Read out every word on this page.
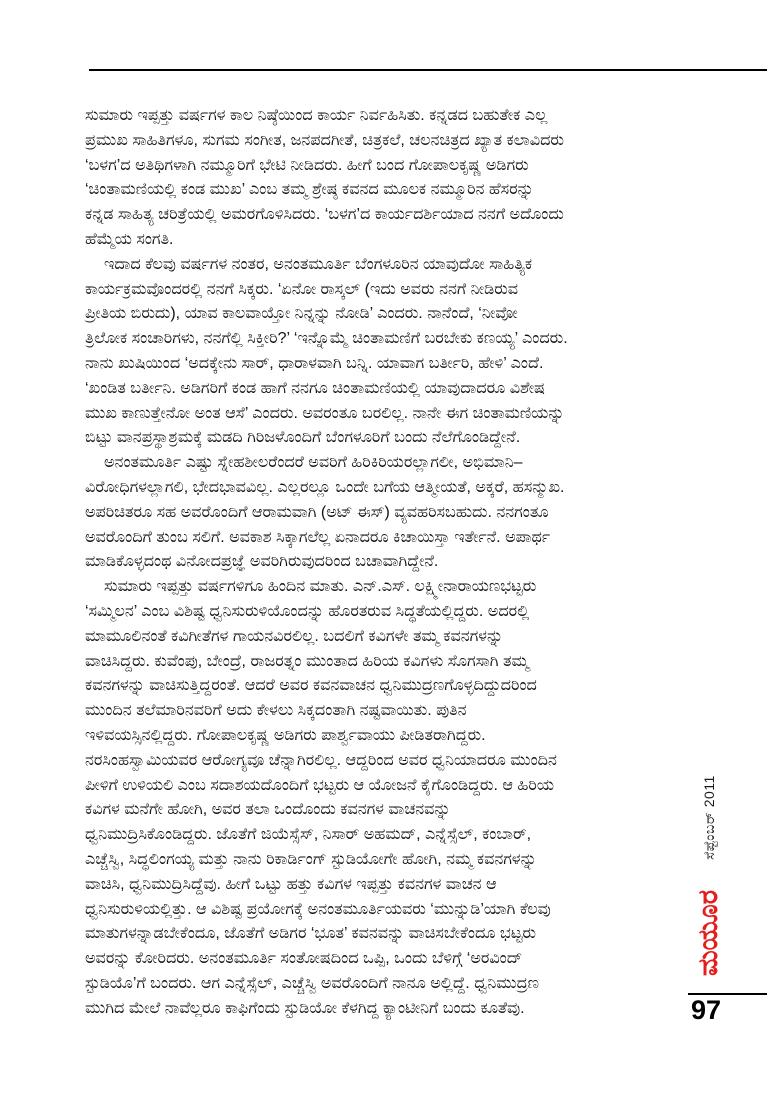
ಸುಮಾರು ಇಪ್ಪತ್ತು ವರ್ಷಗಳ ಕಾಲ ನಿಷ್ಠೆಯಿಂದ ಕಾರ್ಯ ನಿರ್ವಹಿಸಿತು. ಕನ್ನಡದ ಬಹುತೇಕ ಎಲ್ಲ
ಪ್ರಮುಖ ಸಾಹಿತಿಗಳೂ, ಸುಗಮ ಸಂಗೀತ, ಜನಪದಗೀತೆ, ಚಿತ್ರಕಲೆ, ಚಲನಚಿತ್ರದ ಖ್ಯಾತ ಕಲಾವಿದರು
‘ಬಳಗ’ದ ಅತಿಥಿಗಳಾಗಿ ನಮ್ಮೂರಿಗೆ ಭೇಟಿ ನೀಡಿದರು. ಹೀಗೆ ಬಂದ ಗೋಪಾಲಕೃಷ್ಣ ಅಡಿಗರು
‘ಚಿಂತಾಮಣಿಯಲ್ಲಿ ಕಂಡ ಮುಖ’ ಎಂಬ ತಮ್ಮ ಶ್ರೇಷ್ಠ ಕವನದ ಮೂಲಕ ನಮ್ಮೂರಿನ ಹೆಸರನ್ನು
ಕನ್ನಡ ಸಾಹಿತ್ಯ ಚರಿತ್ರೆಯಲ್ಲಿ ಅಮರಗೊಳಿಸಿದರು. ‘ಬಳಗ’ದ ಕಾರ್ಯದರ್ಶಿಯಾದ ನನಗೆ ಅದೊಂದು
ಹೆಮ್ಮೆಯ ಸಂಗತಿ.
ಇದಾದ ಕೆಲವು ವರ್ಷಗಳ ನಂತರ, ಅನಂತಮೂರ್ತಿ ಬೆಂಗಳೂರಿನ ಯಾವುದೋ ಸಾಹಿತ್ಯಿಕ
ಕಾರ್ಯಕ್ರಮವೊಂದರಲ್ಲಿ ನನಗೆ ಸಿಕ್ಕರು. ‘ಏನೋ ರಾಸ್ಕಲ್ (ಇದು ಅವರು ನನಗೆ ನೀಡಿರುವ
ಪ್ರೀತಿಯ ಬಿರುದು), ಯಾವ ಕಾಲವಾಯ್ತೋ ನಿನ್ನನ್ನು ನೋಡಿ’ ಎಂದರು. ನಾನೆಂದೆ, ‘ನೀವೋ
ತ್ರಿಲೋಕ ಸಂಚಾರಿಗಳು, ನನಗೆಲ್ಲಿ ಸಿಕ್ತೀರಿ?’ ‘ಇನ್ನೊಮ್ಮೆ ಚಿಂತಾಮಣಿಗೆ ಬರಬೇಕು ಕಣಯ್ಯ’ ಎಂದರು.
ನಾನು ಖುಷಿಯಿಂದ ‘ಅದಕ್ಕೇನು ಸಾರ್, ಧಾರಾಳವಾಗಿ ಬನ್ನಿ. ಯಾವಾಗ ಬರ್ತೀರಿ, ಹೇಳಿ’ ಎಂದೆ.
‘ಖಂಡಿತ ಬರ್ತೀನಿ. ಅಡಿಗರಿಗೆ ಕಂಡ ಹಾಗೆ ನನಗೂ ಚಿಂತಾಮಣಿಯಲ್ಲಿ ಯಾವುದಾದರೂ ವಿಶೇಷ
ಮುಖ ಕಾಣುತ್ತೇನೋ ಅಂತ ಆಸೆ’ ಎಂದರು. ಅವರಂತೂ ಬರಲಿಲ್ಲ. ನಾನೇ ಈಗ ಚಿಂತಾಮಣಿಯನ್ನು
ಬಿಟ್ಟು ವಾನಪ್ರಸ್ಥಾಶ್ರಮಕ್ಕೆ ಮಡದಿ ಗಿರಿಜಳೊಂದಿಗೆ ಬೆಂಗಳೂರಿಗೆ ಬಂದು ನೆಲೆಗೊಂಡಿದ್ದೇನೆ.
ಅನಂತಮೂರ್ತಿ ಎಷ್ಟು ಸ್ನೇಹಶೀಲರೆಂದರೆ ಅವರಿಗೆ ಹಿರಿಕಿರಿಯರಲ್ಲಾಗಲೀ, ಅಭಿಮಾನಿ–
ವಿರೋಧಿಗಳಲ್ಲಾಗಲಿ, ಭೇದಭಾವವಿಲ್ಲ. ಎಲ್ಲರಲ್ಲೂ ಒಂದೇ ಬಗೆಯ ಆತ್ಮೀಯತೆ, ಅಕ್ಕರೆ, ಹಸನ್ಮುಖ.
ಅಪರಿಚಿತರೂ ಸಹ ಅವರೊಂದಿಗೆ ಆರಾಮವಾಗಿ (ಅಟ್ ಈಸ್) ವ್ಯವಹರಿಸಬಹುದು. ನನಗಂತೂ
ಅವರೊಂದಿಗೆ ತುಂಬ ಸಲಿಗೆ. ಅವಕಾಶ ಸಿಕ್ಕಾಗಲೆಲ್ಲ ಏನಾದರೂ ಕಿಚಾಯಿಸ್ತಾ ಇರ್ತೇನೆ. ಅಪಾರ್ಥ
ಮಾಡಿಕೊಳ್ಳದಂಥ ವಿನೋದಪ್ರಜ್ಞೆ ಅವರಿಗಿರುವುದರಿಂದ ಬಚಾವಾಗಿದ್ದೇನೆ.
ಸುಮಾರು ಇಪ್ಪತ್ತು ವರ್ಷಗಳಿಗೂ ಹಿಂದಿನ ಮಾತು. ಎನ್.ಎಸ್. ಲಕ್ಷ್ಮೀನಾರಾಯಣಭಟ್ಟರು
‘ಸಮ್ಮಿಲನ’ ಎಂಬ ವಿಶಿಷ್ಟ ಧ್ವನಿಸುರುಳಿಯೊಂದನ್ನು ಹೊರತರುವ ಸಿದ್ಧತೆಯಲ್ಲಿದ್ದರು. ಅದರಲ್ಲಿ
ಮಾಮೂಲಿನಂತೆ ಕವಿಗೀತೆಗಳ ಗಾಯನವಿರಲಿಲ್ಲ. ಬದಲಿಗೆ ಕವಿಗಳೇ ತಮ್ಮ ಕವನಗಳನ್ನು
ವಾಚಿಸಿದ್ದರು. ಕುವೆಂಪು, ಬೇಂದ್ರೆ, ರಾಜರತ್ನಂ ಮುಂತಾದ ಹಿರಿಯ ಕವಿಗಳು ಸೊಗಸಾಗಿ ತಮ್ಮ
ಕವನಗಳನ್ನು ವಾಚಿಸುತ್ತಿದ್ದರಂತೆ. ಆದರೆ ಅವರ ಕವನವಾಚನ ಧ್ವನಿಮುದ್ರಣಗೊಳ್ಳದಿದ್ದುದರಿಂದ
ಮುಂದಿನ ತಲೆಮಾರಿನವರಿಗೆ ಅದು ಕೇಳಲು ಸಿಕ್ಕದಂತಾಗಿ ನಷ್ಟವಾಯಿತು. ಪುತಿನ
ಇಳಿವಯಸ್ಸಿನಲ್ಲಿದ್ದರು. ಗೋಪಾಲಕೃಷ್ಣ ಅಡಿಗರು ಪಾರ್ಶ್ವವಾಯು ಪೀಡಿತರಾಗಿದ್ದರು.
ನರಸಿಂಹಸ್ವಾಮಿಯವರ ಆರೋಗ್ಯವೂ ಚೆನ್ನಾಗಿರಲಿಲ್ಲ. ಆದ್ದರಿಂದ ಅವರ ಧ್ವನಿಯಾದರೂ ಮುಂದಿನ
ಪೀಳಿಗೆ ಉಳಿಯಲಿ ಎಂಬ ಸದಾಶಯದೊಂದಿಗೆ ಭಟ್ಟರು ಆ ಯೋಜನೆ ಕೈಗೊಂಡಿದ್ದರು. ಆ ಹಿರಿಯ
ಕವಿಗಳ ಮನೆಗೇ ಹೋಗಿ, ಅವರ ತಲಾ ಒಂದೊಂದು ಕವನಗಳ ವಾಚನವನ್ನು
ಧ್ವನಿಮುದ್ರಿಸಿಕೊಂಡಿದ್ದರು. ಜೊತೆಗೆ ಜಿಯೆಸ್ಸೆಸ್, ನಿಸಾರ್ ಅಹಮದ್, ಎನ್ನೆಸ್ಸೆಲ್, ಕಂಬಾರ್,
ಎಚ್ಚೆಸ್ವಿ, ಸಿದ್ಧಲಿಂಗಯ್ಯ ಮತ್ತು ನಾನು ರಿಕಾರ್ಡಿಂಗ್ ಸ್ಟುಡಿಯೋಗೇ ಹೋಗಿ, ನಮ್ಮ ಕವನಗಳನ್ನು
ವಾಚಿಸಿ, ಧ್ವನಿಮುದ್ರಿಸಿದ್ದೆವು. ಹೀಗೆ ಒಟ್ಟು ಹತ್ತು ಕವಿಗಳ ಇಪ್ಪತ್ತು ಕವನಗಳ ವಾಚನ ಆ
ಧ್ವನಿಸುರುಳಿಯಲ್ಲಿತ್ತು. ಆ ವಿಶಿಷ್ಟ ಪ್ರಯೋಗಕ್ಕೆ ಅನಂತಮೂರ್ತಿಯವರು ‘ಮುನ್ನುಡಿ’ಯಾಗಿ ಕೆಲವು
ಮಾತುಗಳನ್ನಾಡಬೇಕೆಂದೂ, ಜೊತೆಗೆ ಅಡಿಗರ ‘ಭೂತ’ ಕವನವನ್ನು ವಾಚಿಸಬೇಕೆಂದೂ ಭಟ್ಟರು
ಅವರನ್ನು ಕೋರಿದರು. ಅನಂತಮೂರ್ತಿ ಸಂತೋಷದಿಂದ ಒಪ್ಪಿ, ಒಂದು ಬೆಳಿಗ್ಗೆ ‘ಅರವಿಂದ್
ಸ್ಟುಡಿಯೊ’ಗೆ ಬಂದರು. ಆಗ ಎನ್ನೆಸ್ಸೆಲ್, ಎಚ್ಚೆಸ್ವಿ ಅವರೊಂದಿಗೆ ನಾನೂ ಅಲ್ಲಿದ್ದೆ. ಧ್ವನಿಮುದ್ರಣ
ಮುಗಿದ ಮೇಲೆ ನಾವೆಲ್ಲರೂ ಕಾಫಿಗೆಂದು ಸ್ಟುಡಿಯೋ ಕೆಳಗಿದ್ದ ಕ್ಯಾಂಟೀನಿಗೆ ಬಂದು ಕೂತೆವು.
ಸೆಪ್ಟೆಂಬರ್ 2011
ಮಯೂರ
97
